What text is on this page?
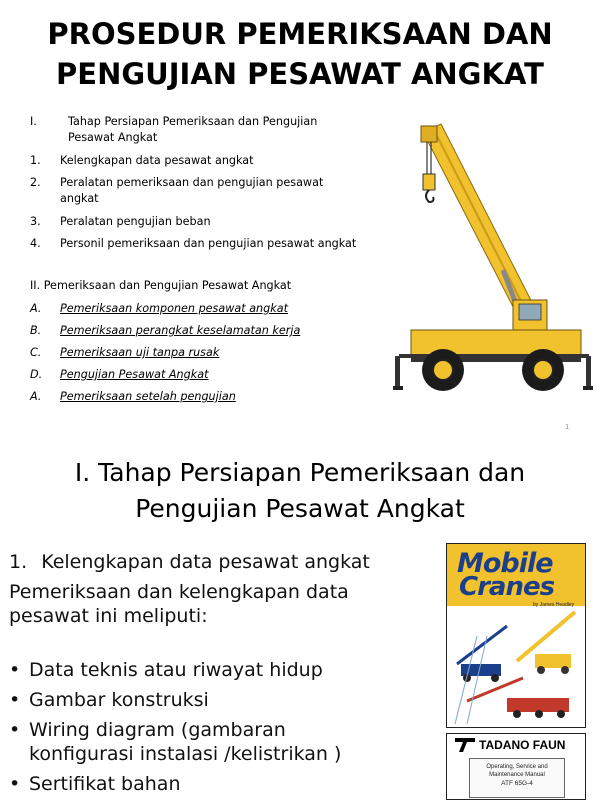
PROSEDUR PEMERIKSAAN DAN
PENGUJIAN PESAWAT ANGKAT
I.	Tahap Persiapan Pemeriksaan dan Pengujian
Pesawat Angkat
1.	Kelengkapan data pesawat angkat
2.	Peralatan pemeriksaan dan pengujian pesawat
angkat
3.	Peralatan pengujian beban
4.	Personil pemeriksaan dan pengujian pesawat angkat
II. Pemeriksaan dan Pengujian Pesawat Angkat
A.	Pemeriksaan komponen pesawat angkat
B.	Pemeriksaan perangkat keselamatan kerja
C.	Pemeriksaan uji tanpa rusak
D.	Pengujian Pesawat Angkat
A.	Pemeriksaan setelah pengujian
1
I. Tahap Persiapan Pemeriksaan dan
Pengujian Pesawat Angkat
1. Kelengkapan data pesawat angkat
Pemeriksaan dan kelengkapan data
pesawat ini meliputi:
• Data teknis atau riwayat hidup
• Gambar konstruksi
• Wiring diagram (gambaran
konfigurasi instalasi /kelistrikan )
• Sertifikat bahan
Mobile
Cranes
by James Headley
TADANO FAUN
Operating, Service and
Maintenance Manual
ATF 65G-4
